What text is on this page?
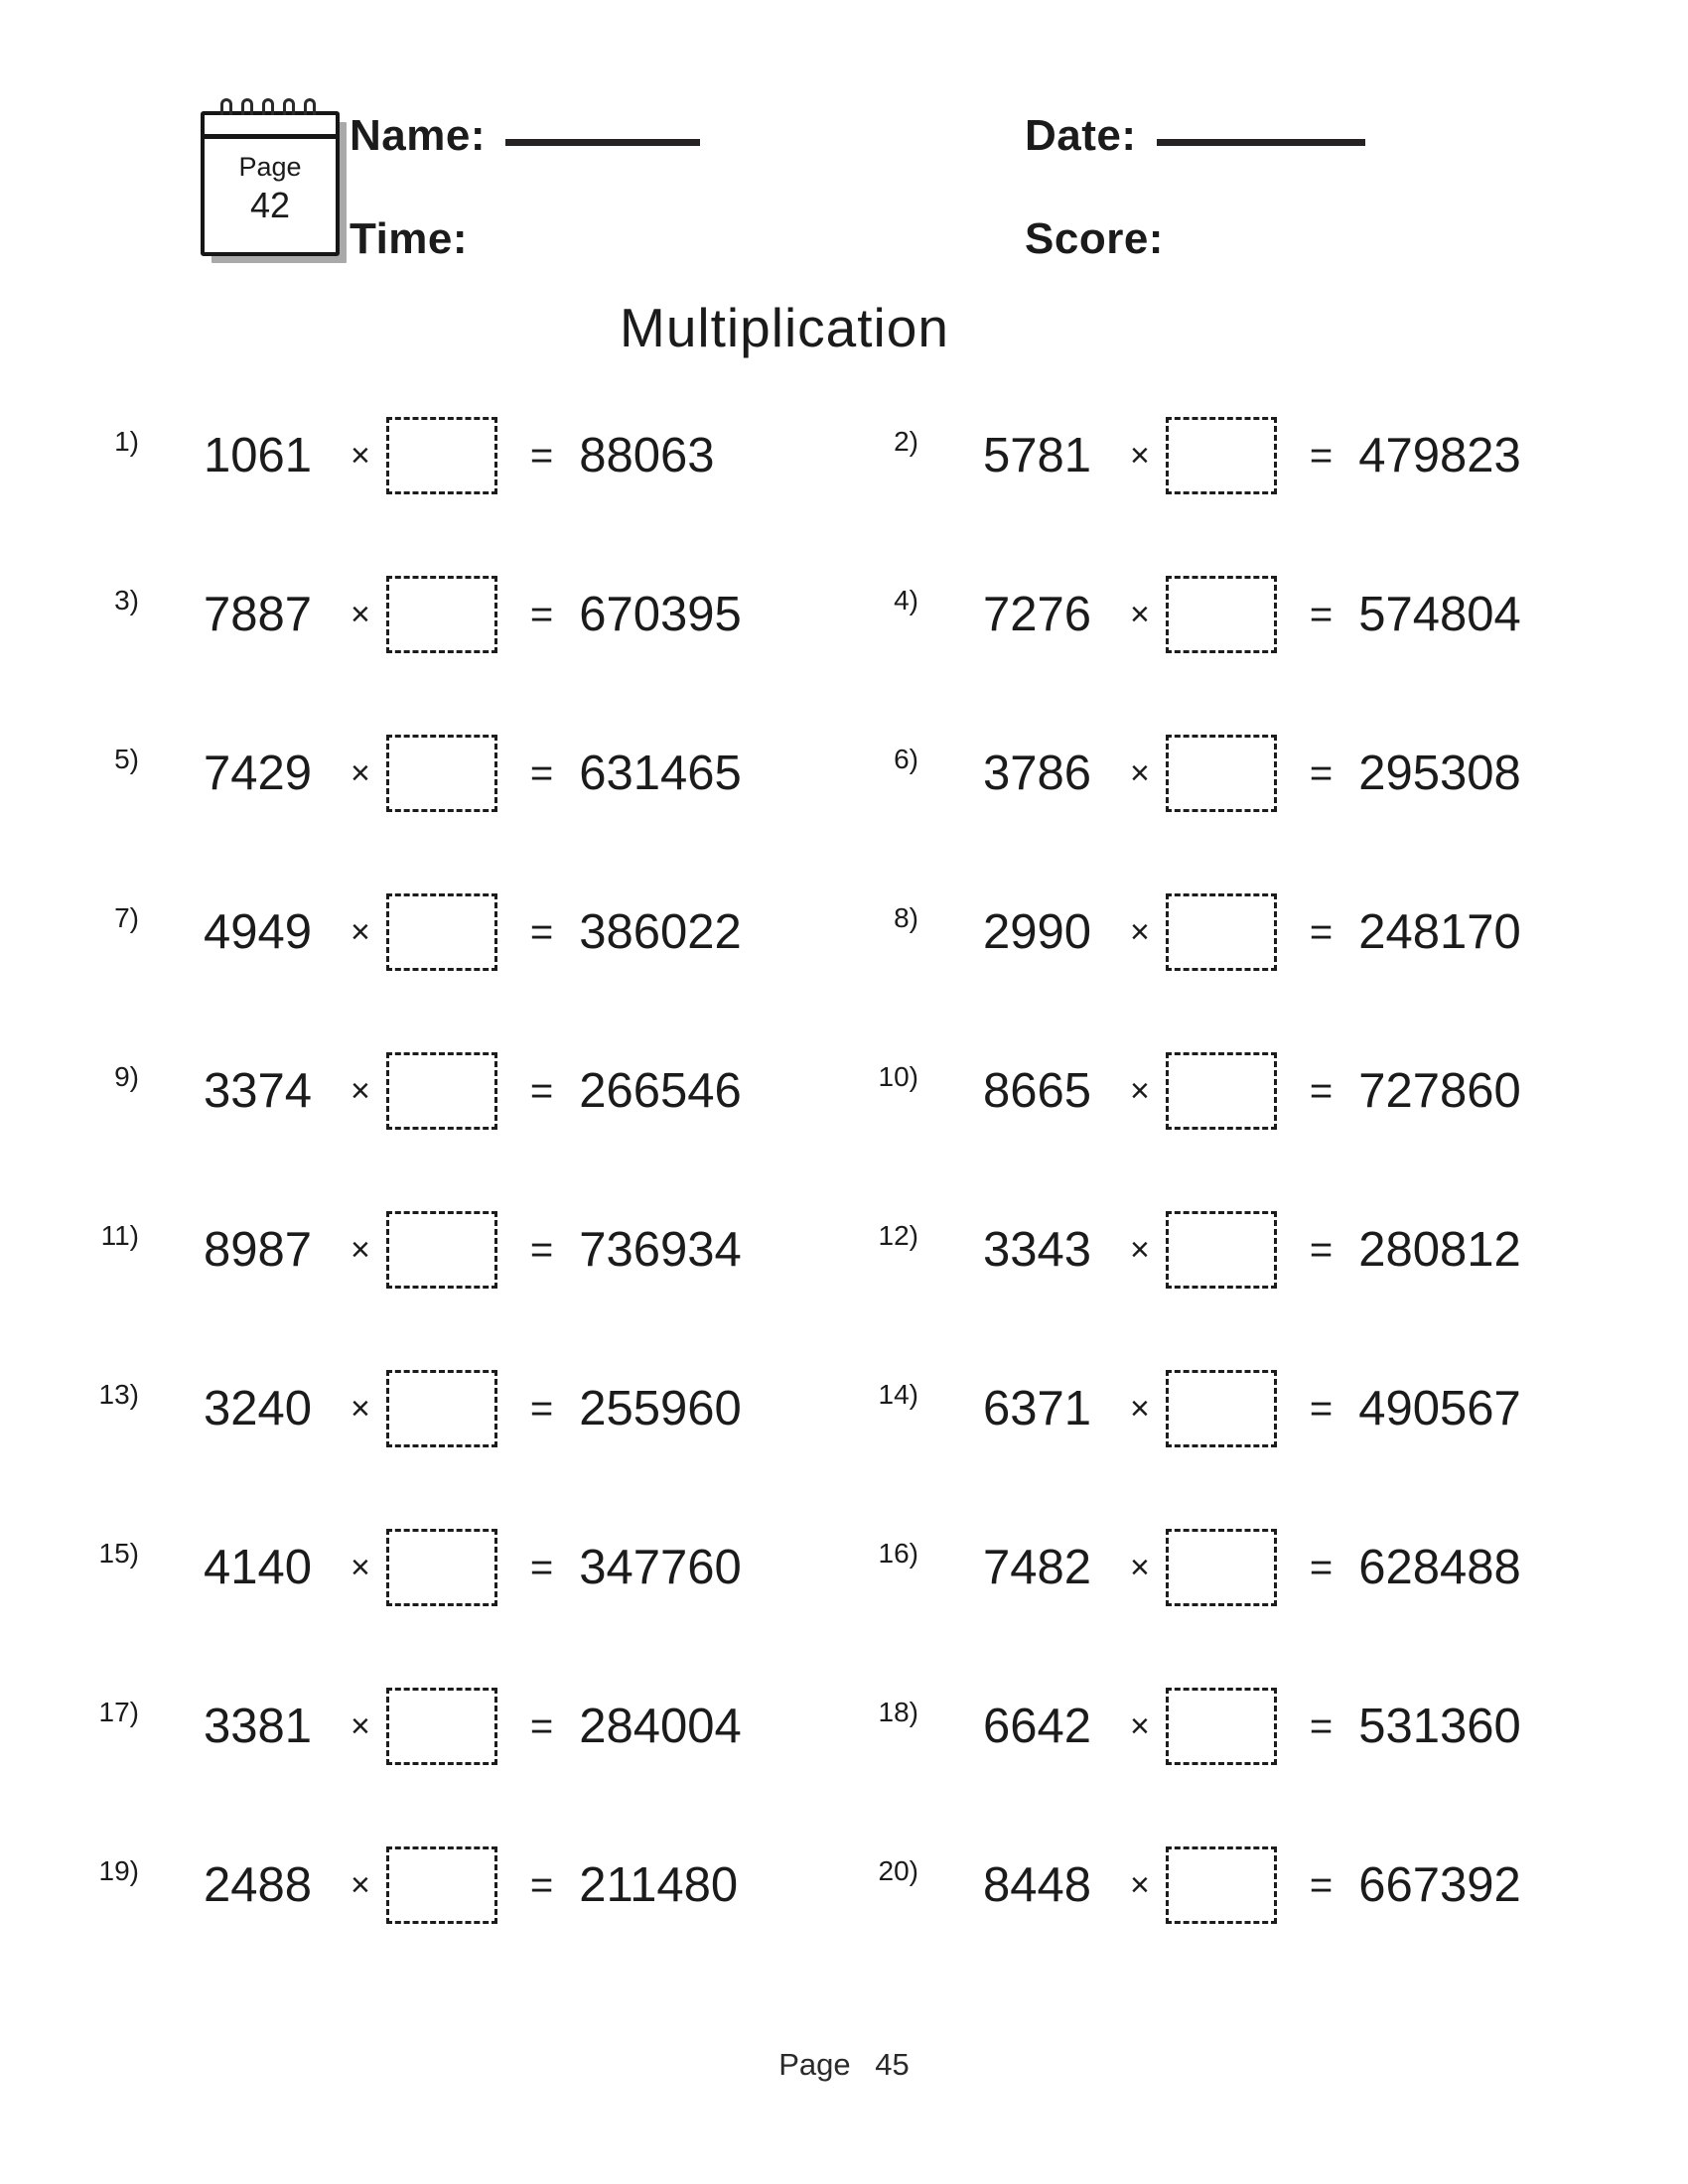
Page
42
Name:
Time:
Date:
Score:
Multiplication
1) 1061	×	= 88063	2) 5781	×	= 479823
3) 7887	×	= 670395	4) 7276	×	= 574804
5) 7429	×	= 631465	6) 3786	×	= 295308
7) 4949	×	= 386022	8) 2990	×	= 248170
9) 3374	×	= 266546	10) 8665	×	= 727860
11) 8987	×	= 736934	12) 3343	×	= 280812
13) 3240	×	= 255960	14) 6371	×	= 490567
15) 4140	×	= 347760	16) 7482	×	= 628488
17) 3381	×	= 284004	18) 6642	×	= 531360
19) 2488	×	= 211480	20) 8448	×	= 667392
Page 45
